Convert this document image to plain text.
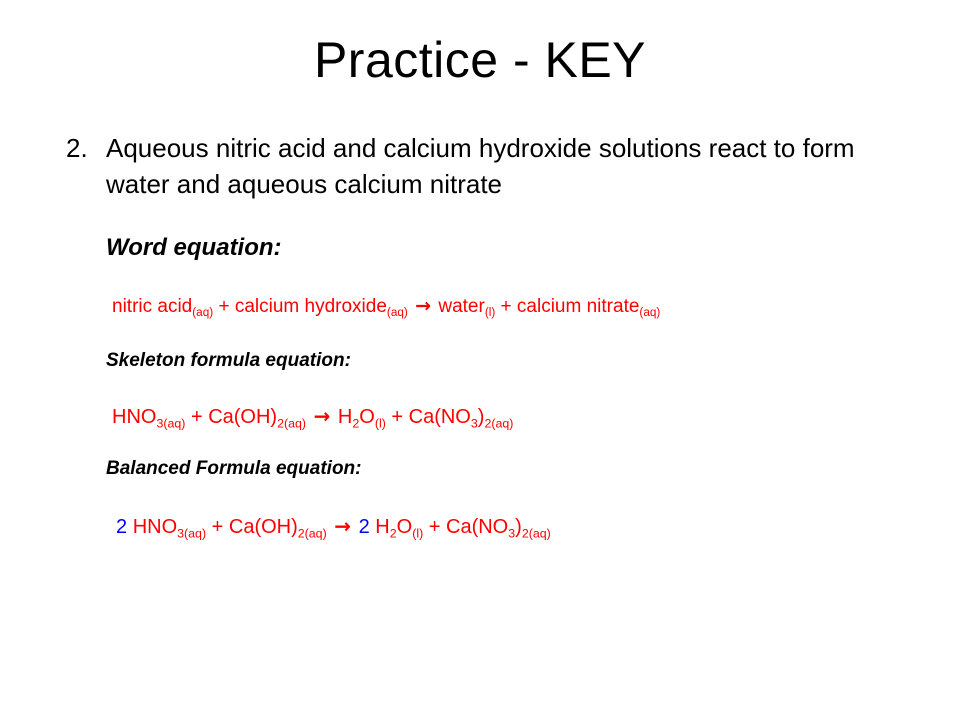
Practice - KEY
2. Aqueous nitric acid and calcium hydroxide solutions react to form water and aqueous calcium nitrate
Word equation:
nitric acid$_{(aq)}$ + calcium hydroxide$_{(aq)}$ → water$_{(l)}$ + calcium nitrate$_{(aq)}$
Skeleton formula equation:
$HNO_{3(aq)} + Ca(OH)_{2(aq)} \to H_2O_{(l)} + Ca(NO_3)_{2(aq)}$
Balanced Formula equation:
2 $HNO_{3(aq)} + Ca(OH)_{2(aq)} \to 2$ $H_2O_{(l)} + Ca(NO_3)_{2(aq)}$
